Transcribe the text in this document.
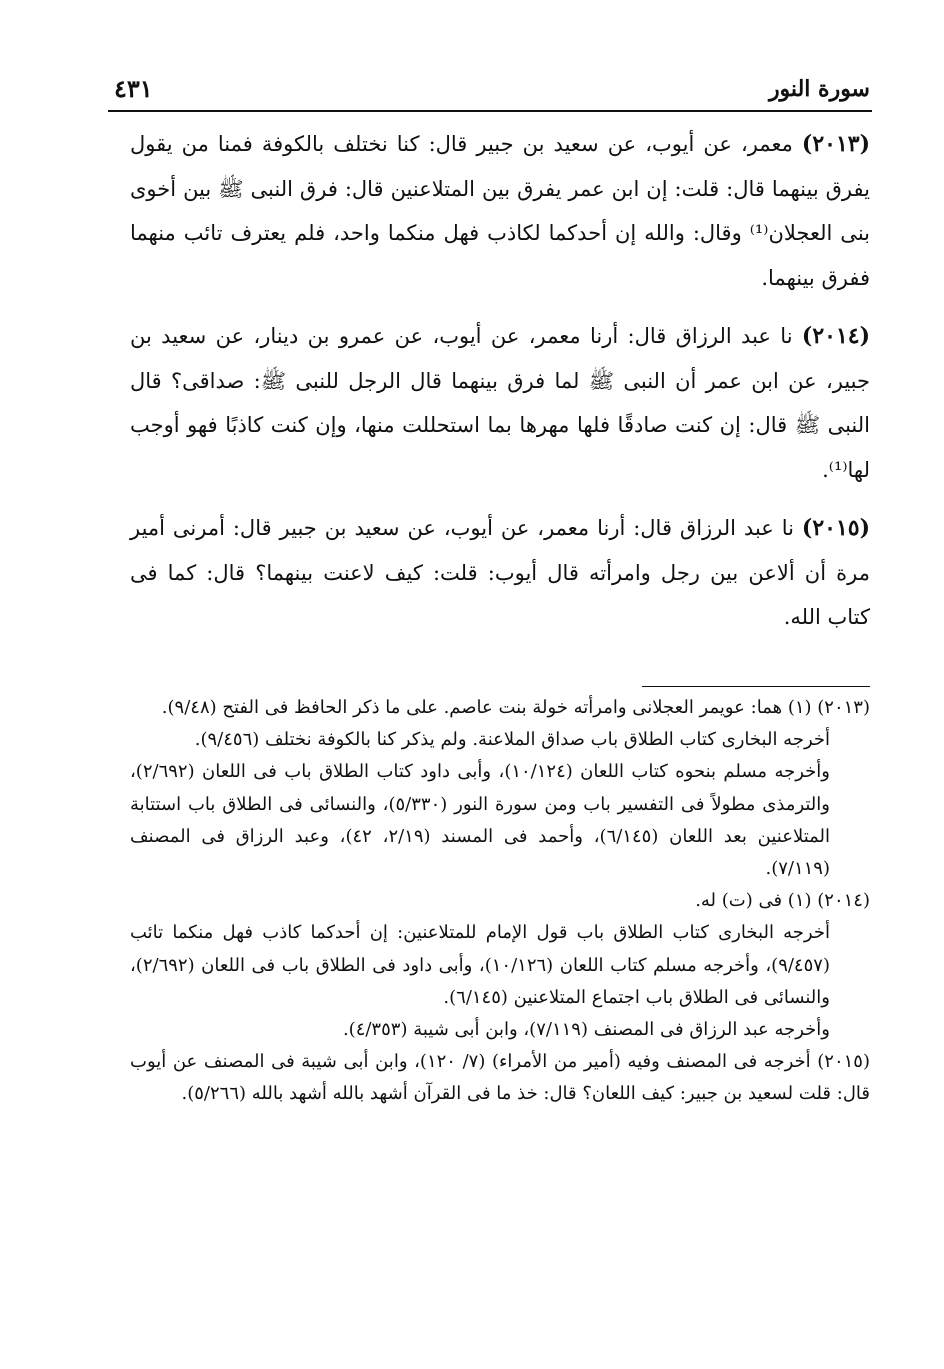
سورة النور
٤٣١

(٢٠١٣) معمر، عن أيوب، عن سعيد بن جبير قال: كنا نختلف بالكوفة فمنا من يقول يفرق بينهما قال: قلت: إن ابن عمر يفرق بين المتلاعنين قال: فرق النبى ﷺ بين أخوى بنى العجلان⁽¹⁾ وقال: والله إن أحدكما لكاذب فهل منكما واحد، فلم يعترف تائب منهما ففرق بينهما.

(٢٠١٤) نا عبد الرزاق قال: أرنا معمر، عن أيوب، عن عمرو بن دينار، عن سعيد بن جبير، عن ابن عمر أن النبى ﷺ لما فرق بينهما قال الرجل للنبى ﷺ: صداقى؟ قال النبى ﷺ قال: إن كنت صادقًا فلها مهرها بما استحللت منها، وإن كنت كاذبًا فهو أوجب لها⁽¹⁾.

(٢٠١٥) نا عبد الرزاق قال: أرنا معمر، عن أيوب، عن سعيد بن جبير قال: أمرنى أمير مرة أن ألاعن بين رجل وامرأته قال أيوب: قلت: كيف لاعنت بينهما؟ قال: كما فى كتاب الله.

(٢٠١٣) (١) هما: عويمر العجلانى وامرأته خولة بنت عاصم. على ما ذكر الحافظ فى الفتح (٩/٤٨).
أخرجه البخارى كتاب الطلاق باب صداق الملاعنة. ولم يذكر كنا بالكوفة نختلف (٩/٤٥٦).
وأخرجه مسلم بنحوه كتاب اللعان (١٠/١٢٤)، وأبى داود كتاب الطلاق باب فى اللعان (٢/٦٩٢)، والترمذى مطولاً فى التفسير باب ومن سورة النور (٥/٣٣٠)، والنسائى فى الطلاق باب استتابة المتلاعنين بعد اللعان (٦/١٤٥)، وأحمد فى المسند (٢/١٩، ٤٢)، وعبد الرزاق فى المصنف (٧/١١٩).
(٢٠١٤) (١) فى (ت) له.
أخرجه البخارى كتاب الطلاق باب قول الإمام للمتلاعنين: إن أحدكما كاذب فهل منكما تائب (٩/٤٥٧)، وأخرجه مسلم كتاب اللعان (١٠/١٢٦)، وأبى داود فى الطلاق باب فى اللعان (٢/٦٩٢)، والنسائى فى الطلاق باب اجتماع المتلاعنين (٦/١٤٥).
وأخرجه عبد الرزاق فى المصنف (٧/١١٩)، وابن أبى شيبة (٤/٣٥٣).
(٢٠١٥) أخرجه فى المصنف وفيه (أمير من الأمراء) (٧/ ١٢٠)، وابن أبى شيبة فى المصنف عن أيوب قال: قلت لسعيد بن جبير: كيف اللعان؟ قال: خذ ما فى القرآن أشهد بالله أشهد بالله (٥/٢٦٦).
